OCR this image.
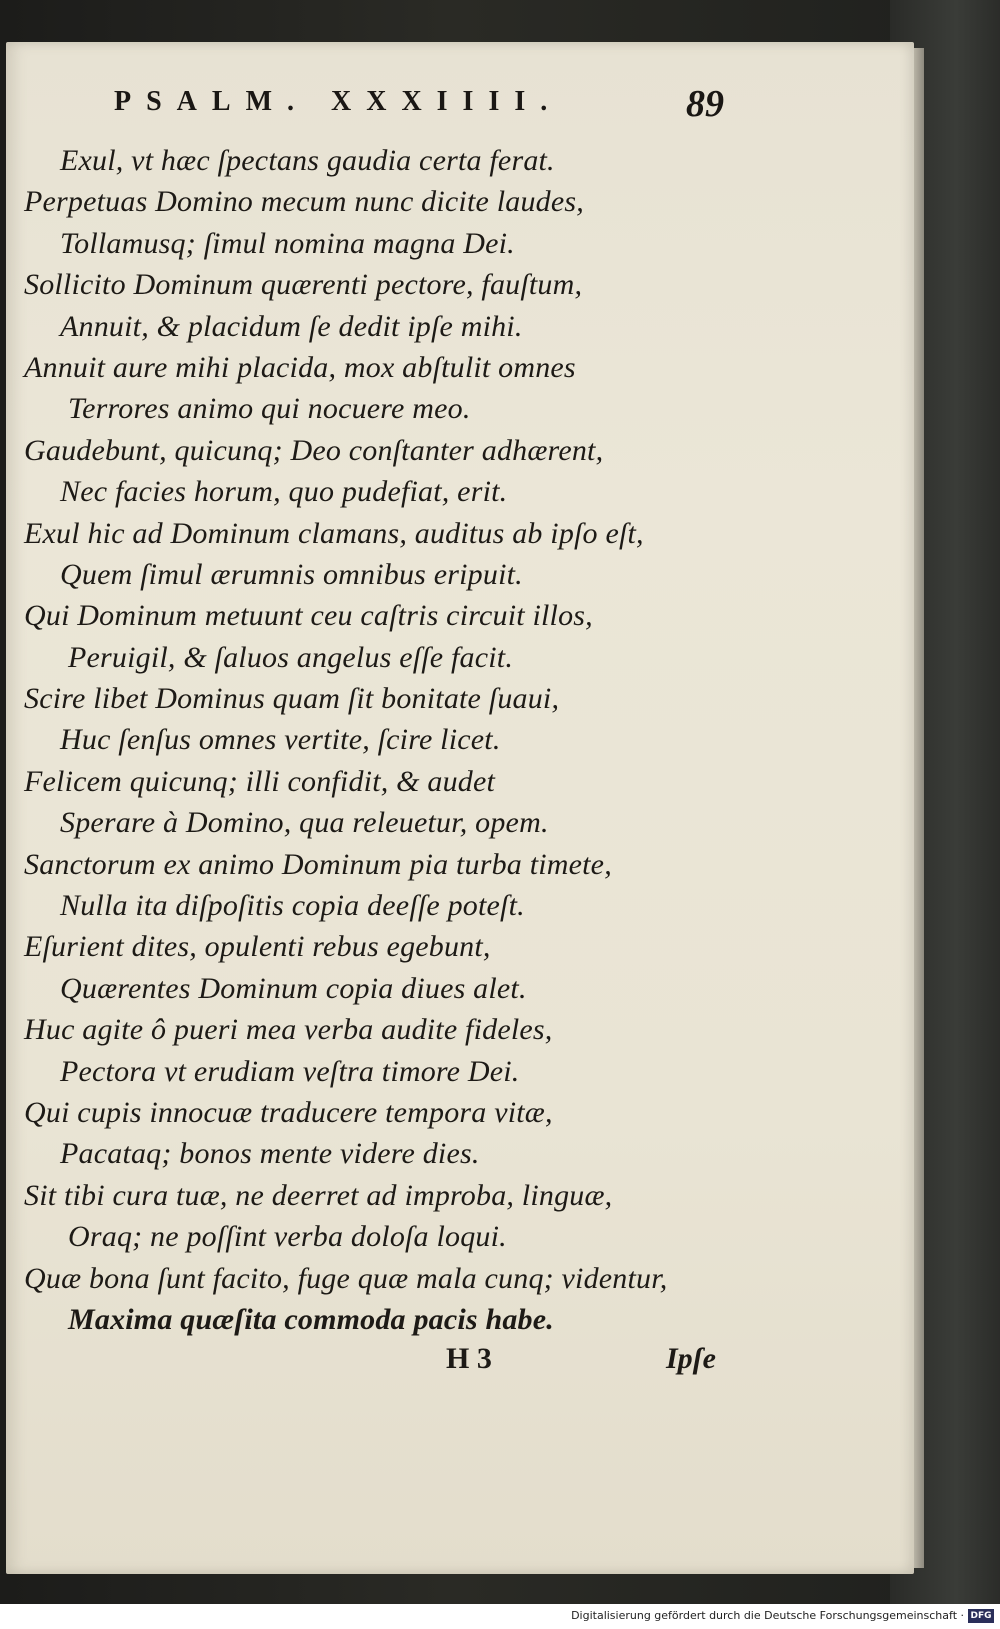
PSALM. XXXIIII.	89
Exul, vt hæc ſpectans gaudia certa ferat.
Perpetuas Domino mecum nunc dicite laudes,
Tollamusq; ſimul nomina magna Dei.
Sollicito Dominum quærenti pectore, fauſtum,
Annuit, & placidum ſe dedit ipſe mihi.
Annuit aure mihi placida, mox abſtulit omnes
Terrores animo qui nocuere meo.
Gaudebunt, quicunq; Deo conſtanter adhærent,
Nec facies horum, quo pudefiat, erit.
Exul hic ad Dominum clamans, auditus ab ipſo eſt,
Quem ſimul ærumnis omnibus eripuit.
Qui Dominum metuunt ceu caſtris circuit illos,
Peruigil, & ſaluos angelus eſſe facit.
Scire libet Dominus quam ſit bonitate ſuaui,
Huc ſenſus omnes vertite, ſcire licet.
Felicem quicunq; illi confidit, & audet
Sperare à Domino, qua releuetur, opem.
Sanctorum ex animo Dominum pia turba timete,
Nulla ita diſpoſitis copia deeſſe poteſt.
Eſurient dites, opulenti rebus egebunt,
Quærentes Dominum copia diues alet.
Huc agite ô pueri mea verba audite fideles,
Pectora vt erudiam veſtra timore Dei.
Qui cupis innocuæ traducere tempora vitæ,
Pacataq; bonos mente videre dies.
Sit tibi cura tuæ, ne deerret ad improba, linguæ,
Oraq; ne poſſint verba doloſa loqui.
Quæ bona ſunt facito, fuge quæ mala cunq; videntur,
Maxima quæſita commoda pacis habe.
H 3	Ipſe
Digitalisierung gefördert durch die Deutsche Forschungsgemeinschaft · DFG
